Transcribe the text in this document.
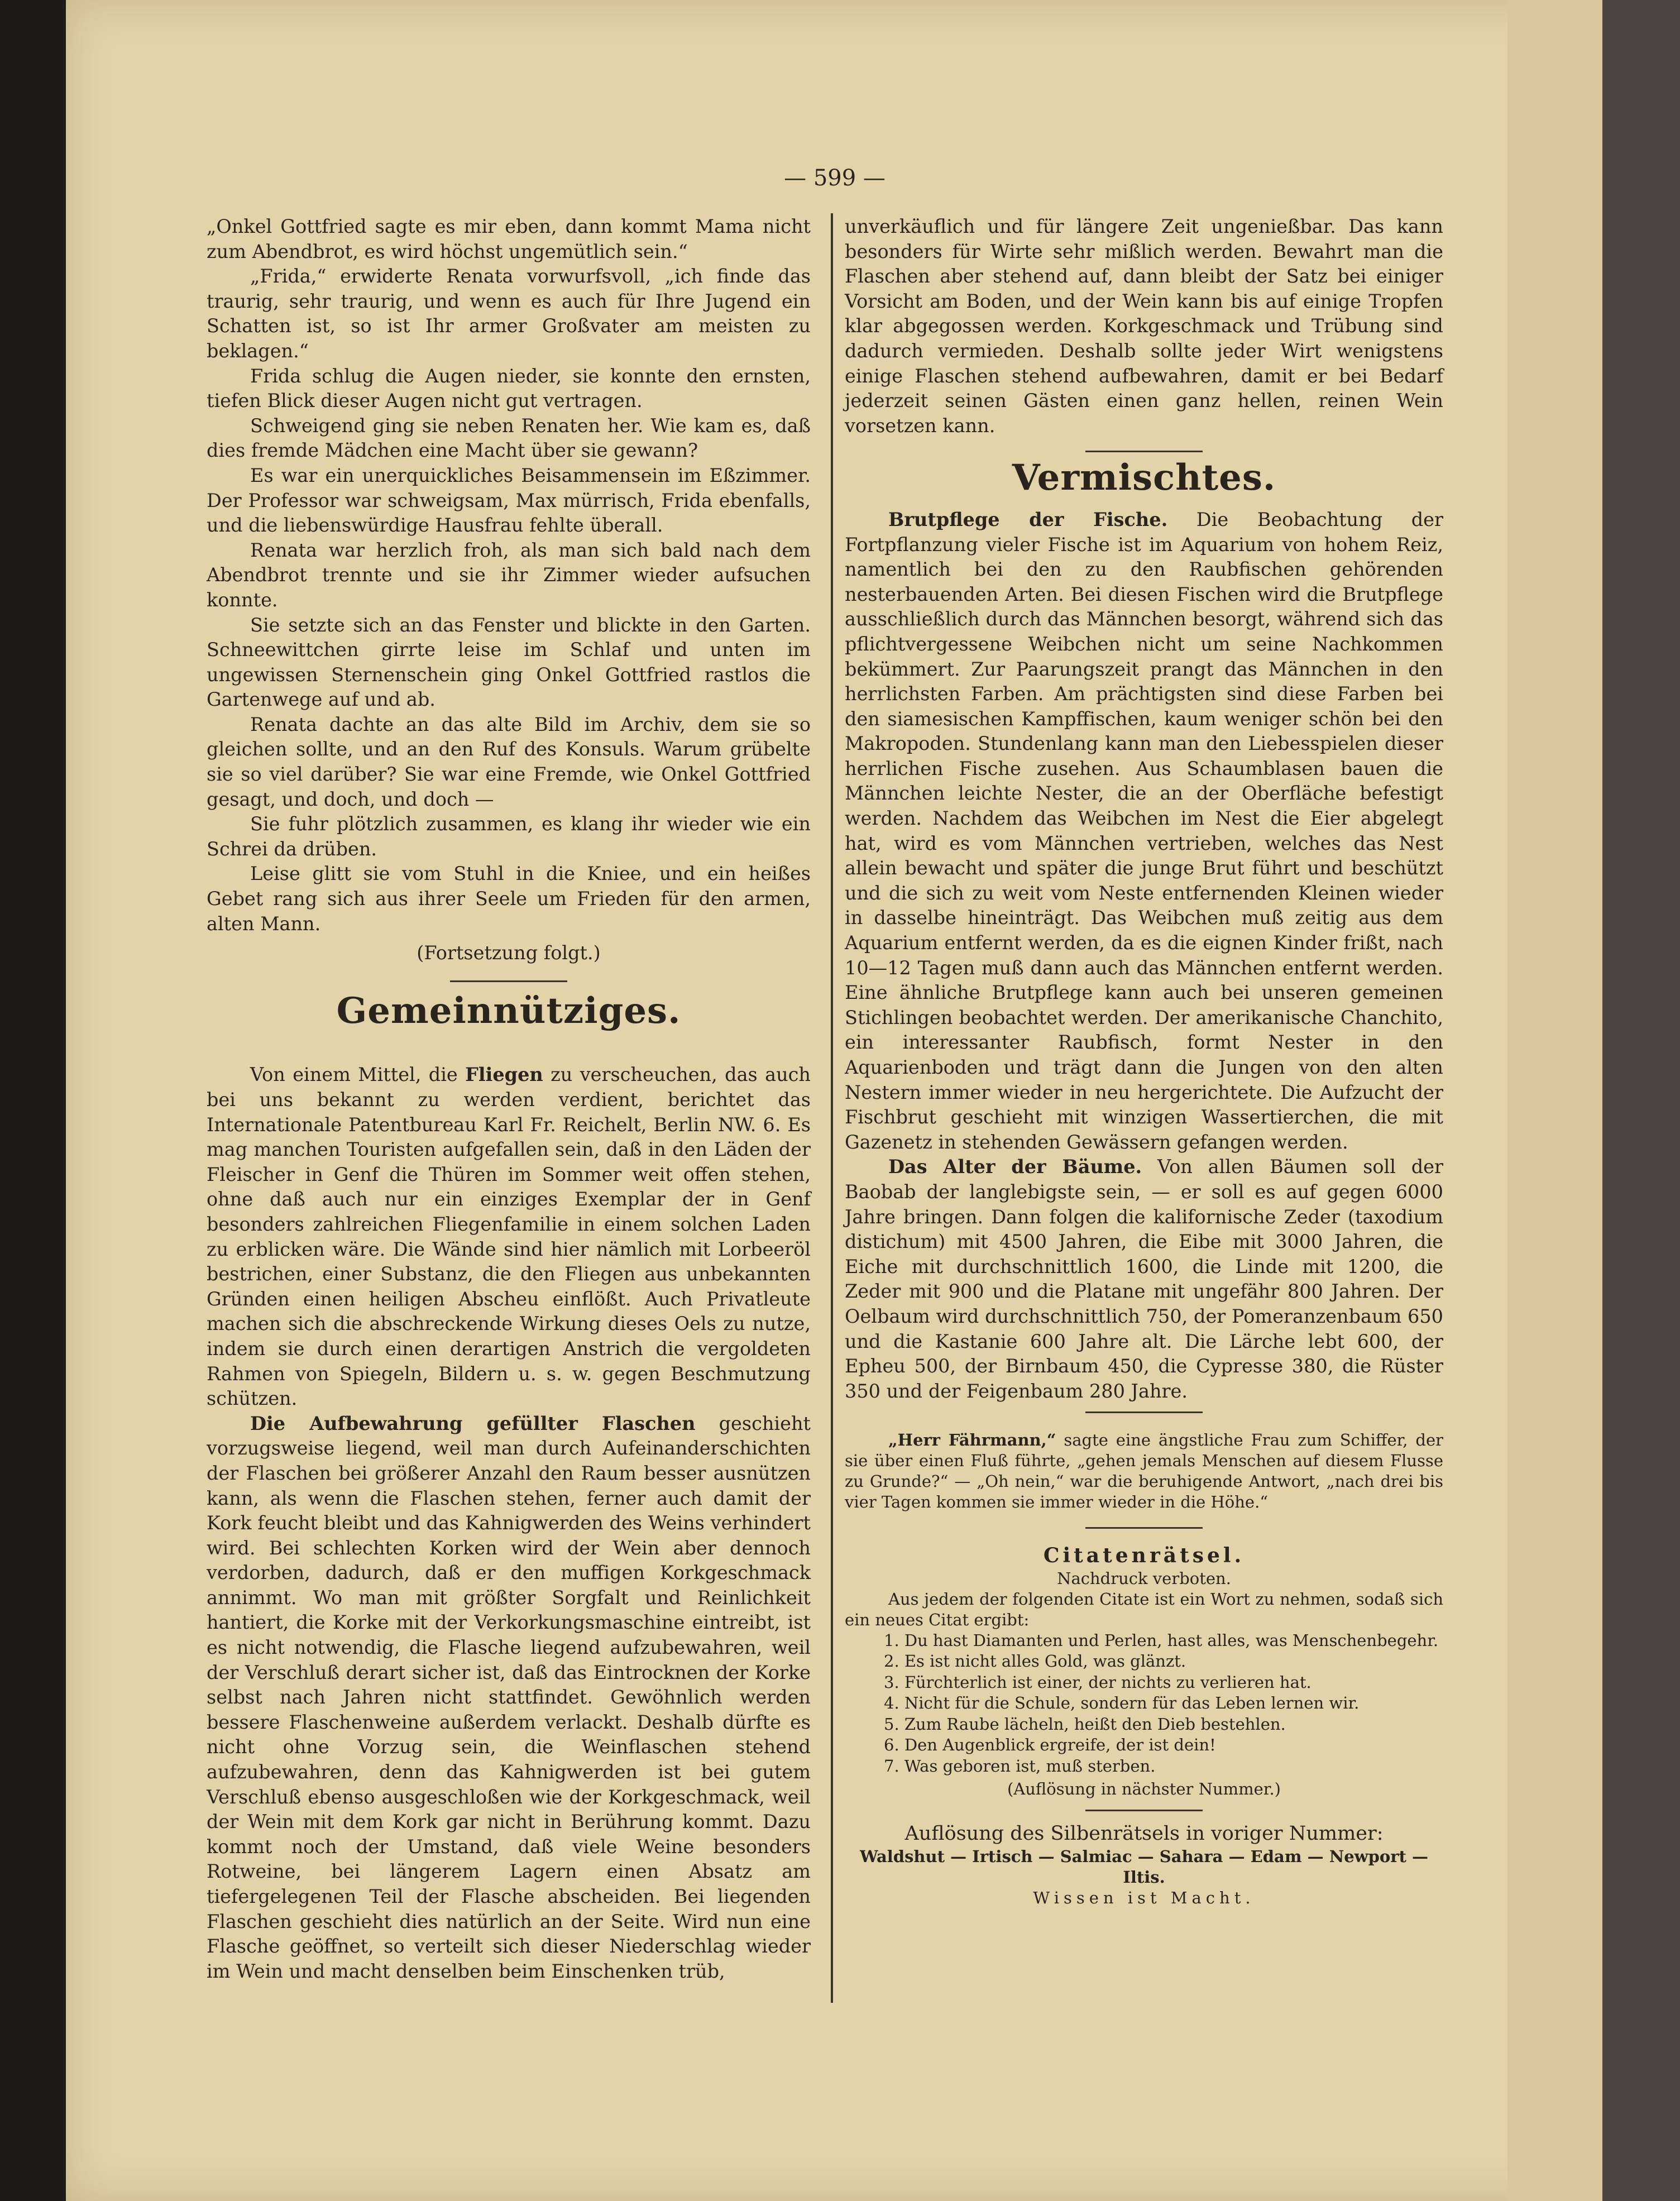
— 599 —

„Onkel Gottfried sagte es mir eben, dann kommt Mama nicht zum Abendbrot, es wird höchst ungemütlich sein.“

„Frida,“ erwiderte Renata vorwurfsvoll, „ich finde das traurig, sehr traurig, und wenn es auch für Ihre Jugend ein Schatten ist, so ist Ihr armer Großvater am meisten zu beklagen.“

Frida schlug die Augen nieder, sie konnte den ernsten, tiefen Blick dieser Augen nicht gut vertragen.

Schweigend ging sie neben Renaten her. Wie kam es, daß dies fremde Mädchen eine Macht über sie gewann?

Es war ein unerquickliches Beisammensein im Eßzimmer. Der Professor war schweigsam, Max mürrisch, Frida ebenfalls, und die liebenswürdige Hausfrau fehlte überall.

Renata war herzlich froh, als man sich bald nach dem Abendbrot trennte und sie ihr Zimmer wieder aufsuchen konnte.

Sie setzte sich an das Fenster und blickte in den Garten. Schneewittchen girrte leise im Schlaf und unten im ungewissen Sternenschein ging Onkel Gottfried rastlos die Gartenwege auf und ab.

Renata dachte an das alte Bild im Archiv, dem sie so gleichen sollte, und an den Ruf des Konsuls. Warum grübelte sie so viel darüber? Sie war eine Fremde, wie Onkel Gottfried gesagt, und doch, und doch —

Sie fuhr plötzlich zusammen, es klang ihr wieder wie ein Schrei da drüben.

Leise glitt sie vom Stuhl in die Kniee, und ein heißes Gebet rang sich aus ihrer Seele um Frieden für den armen, alten Mann.

(Fortsetzung folgt.)

Gemeinnütziges.

Von einem Mittel, die Fliegen zu verscheuchen, das auch bei uns bekannt zu werden verdient, berichtet das Internationale Patentbureau Karl Fr. Reichelt, Berlin NW. 6. Es mag manchen Touristen aufgefallen sein, daß in den Läden der Fleischer in Genf die Thüren im Sommer weit offen stehen, ohne daß auch nur ein einziges Exemplar der in Genf besonders zahlreichen Fliegenfamilie in einem solchen Laden zu erblicken wäre. Die Wände sind hier nämlich mit Lorbeeröl bestrichen, einer Substanz, die den Fliegen aus unbekannten Gründen einen heiligen Abscheu einflößt. Auch Privatleute machen sich die abschreckende Wirkung dieses Oels zu nutze, indem sie durch einen derartigen Anstrich die vergoldeten Rahmen von Spiegeln, Bildern u. s. w. gegen Beschmutzung schützen.

Die Aufbewahrung gefüllter Flaschen geschieht vorzugsweise liegend, weil man durch Aufeinanderschichten der Flaschen bei größerer Anzahl den Raum besser ausnützen kann, als wenn die Flaschen stehen, ferner auch damit der Kork feucht bleibt und das Kahnigwerden des Weins verhindert wird. Bei schlechten Korken wird der Wein aber dennoch verdorben, dadurch, daß er den muffigen Korkgeschmack annimmt. Wo man mit größter Sorgfalt und Reinlichkeit hantiert, die Korke mit der Verkorkungsmaschine eintreibt, ist es nicht notwendig, die Flasche liegend aufzubewahren, weil der Verschluß derart sicher ist, daß das Eintrocknen der Korke selbst nach Jahren nicht stattfindet. Gewöhnlich werden bessere Flaschenweine außerdem verlackt. Deshalb dürfte es nicht ohne Vorzug sein, die Weinflaschen stehend aufzubewahren, denn das Kahnigwerden ist bei gutem Verschluß ebenso ausgeschloßen wie der Korkgeschmack, weil der Wein mit dem Kork gar nicht in Berührung kommt. Dazu kommt noch der Umstand, daß viele Weine besonders Rotweine, bei längerem Lagern einen Absatz am tiefergelegenen Teil der Flasche abscheiden. Bei liegenden Flaschen geschieht dies natürlich an der Seite. Wird nun eine Flasche geöffnet, so verteilt sich dieser Niederschlag wieder im Wein und macht denselben beim Einschenken trüb,

unverkäuflich und für längere Zeit ungenießbar. Das kann besonders für Wirte sehr mißlich werden. Bewahrt man die Flaschen aber stehend auf, dann bleibt der Satz bei einiger Vorsicht am Boden, und der Wein kann bis auf einige Tropfen klar abgegossen werden. Korkgeschmack und Trübung sind dadurch vermieden. Deshalb sollte jeder Wirt wenigstens einige Flaschen stehend aufbewahren, damit er bei Bedarf jederzeit seinen Gästen einen ganz hellen, reinen Wein vorsetzen kann.

Vermischtes.

Brutpflege der Fische. Die Beobachtung der Fortpflanzung vieler Fische ist im Aquarium von hohem Reiz, namentlich bei den zu den Raubfischen gehörenden nesterbauenden Arten. Bei diesen Fischen wird die Brutpflege ausschließlich durch das Männchen besorgt, während sich das pflichtvergessene Weibchen nicht um seine Nachkommen bekümmert. Zur Paarungszeit prangt das Männchen in den herrlichsten Farben. Am prächtigsten sind diese Farben bei den siamesischen Kampffischen, kaum weniger schön bei den Makropoden. Stundenlang kann man den Liebesspielen dieser herrlichen Fische zusehen. Aus Schaumblasen bauen die Männchen leichte Nester, die an der Oberfläche befestigt werden. Nachdem das Weibchen im Nest die Eier abgelegt hat, wird es vom Männchen vertrieben, welches das Nest allein bewacht und später die junge Brut führt und beschützt und die sich zu weit vom Neste entfernenden Kleinen wieder in dasselbe hineinträgt. Das Weibchen muß zeitig aus dem Aquarium entfernt werden, da es die eignen Kinder frißt, nach 10—12 Tagen muß dann auch das Männchen entfernt werden. Eine ähnliche Brutpflege kann auch bei unseren gemeinen Stichlingen beobachtet werden. Der amerikanische Chanchito, ein interessanter Raubfisch, formt Nester in den Aquarienboden und trägt dann die Jungen von den alten Nestern immer wieder in neu hergerichtete. Die Aufzucht der Fischbrut geschieht mit winzigen Wassertierchen, die mit Gazenetz in stehenden Gewässern gefangen werden.

Das Alter der Bäume. Von allen Bäumen soll der Baobab der langlebigste sein, — er soll es auf gegen 6000 Jahre bringen. Dann folgen die kalifornische Zeder (taxodium distichum) mit 4500 Jahren, die Eibe mit 3000 Jahren, die Eiche mit durchschnittlich 1600, die Linde mit 1200, die Zeder mit 900 und die Platane mit ungefähr 800 Jahren. Der Oelbaum wird durchschnittlich 750, der Pomeranzenbaum 650 und die Kastanie 600 Jahre alt. Die Lärche lebt 600, der Epheu 500, der Birnbaum 450, die Cypresse 380, die Rüster 350 und der Feigenbaum 280 Jahre.

„Herr Fährmann,“ sagte eine ängstliche Frau zum Schiffer, der sie über einen Fluß führte, „gehen jemals Menschen auf diesem Flusse zu Grunde?“ — „Oh nein,“ war die beruhigende Antwort, „nach drei bis vier Tagen kommen sie immer wieder in die Höhe.“

Citatenrätsel.

Nachdruck verboten.

Aus jedem der folgenden Citate ist ein Wort zu nehmen, sodaß sich ein neues Citat ergibt:

1. Du hast Diamanten und Perlen, hast alles, was Menschenbegehr.
2. Es ist nicht alles Gold, was glänzt.
3. Fürchterlich ist einer, der nichts zu verlieren hat.
4. Nicht für die Schule, sondern für das Leben lernen wir.
5. Zum Raube lächeln, heißt den Dieb bestehlen.
6. Den Augenblick ergreife, der ist dein!
7. Was geboren ist, muß sterben.

(Auflösung in nächster Nummer.)

Auflösung des Silbenrätsels in voriger Nummer:

Waldshut — Irtisch — Salmiac — Sahara — Edam — Newport — Iltis.

Wissen ist Macht.
